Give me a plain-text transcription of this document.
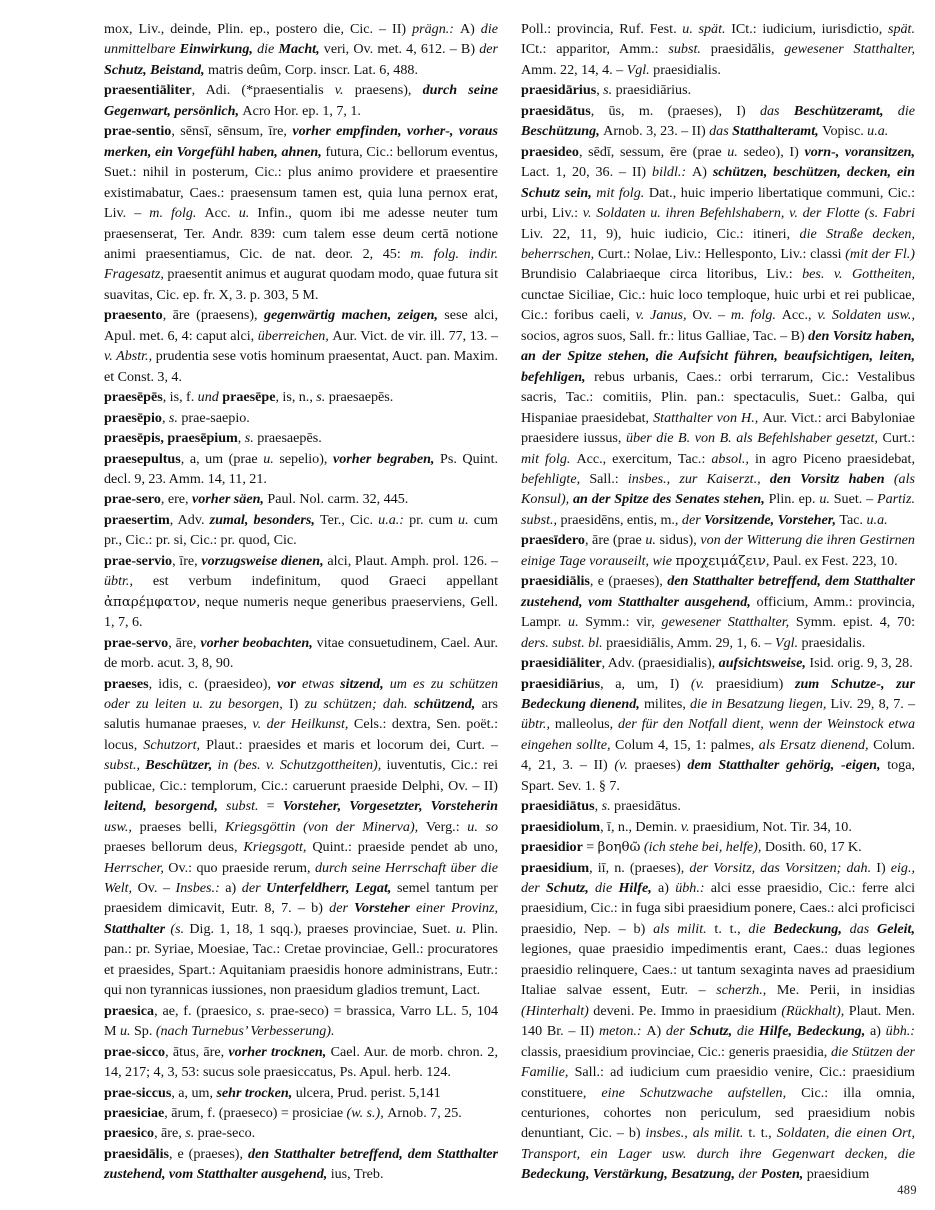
mox, Liv., deinde, Plin. ep., postero die, Cic. – II) prägn.: A) die unmittelbare Einwirkung, die Macht, veri, Ov. met. 4, 612. – B) der Schutz, Beistand, matris deûm, Corp. inscr. Lat. 6, 488.

praesentiāliter, Adi. (*praesentialis v. praesens), durch seine Gegenwart, persönlich, Acro Hor. ep. 1, 7, 1.

prae-sentio, sēnsī, sēnsum, īre, vorher empfinden, vorher-, voraus merken, ein Vorgefühl haben, ahnen, futura, Cic.: bellorum eventus, Suet.: nihil in posterum, Cic.: plus animo providere et praesentire existimabatur, Caes.: praesensum tamen est, quia luna pernox erat, Liv. – m. folg. Acc. u. Infin., quom ibi me adesse neuter tum praesenserat, Ter. Andr. 839: cum talem esse deum certā notione animi praesentiamus, Cic. de nat. deor. 2, 45: m. folg. indir. Fragesatz, praesentit animus et augurat quodam modo, quae futura sit suavitas, Cic. ep. fr. X, 3. p. 303, 5 M.

praesento, āre (praesens), gegenwärtig machen, zeigen, sese alci, Apul. met. 6, 4: caput alci, überreichen, Aur. Vict. de vir. ill. 77, 13. – v. Abstr., prudentia sese votis hominum praesentat, Auct. pan. Maxim. et Const. 3, 4.

praesēpēs, is, f. und praesēpe, is, n., s. praesaepēs.

praesēpio, s. prae-saepio.

praesēpis, praesēpium, s. praesaepēs.

praesepultus, a, um (prae u. sepelio), vorher begraben, Ps. Quint. decl. 9, 23. Amm. 14, 11, 21.

prae-sero, ere, vorher säen, Paul. Nol. carm. 32, 445.

praesertim, Adv. zumal, besonders, Ter., Cic. u.a.: pr. cum u. cum pr., Cic.: pr. si, Cic.: pr. quod, Cic.

prae-servio, īre, vorzugsweise dienen, alci, Plaut. Amph. prol. 126. – übtr., est verbum indefinitum, quod Graeci appellant ἀπαρέμφατον, neque numeris neque generibus praeserviens, Gell. 1, 7, 6.

prae-servo, āre, vorher beobachten, vitae consuetudinem, Cael. Aur. de morb. acut. 3, 8, 90.

praeses, idis, c. (praesideo), vor etwas sitzend, um es zu schützen oder zu leiten u. zu besorgen, I) zu schützen; dah. schützend, ars salutis humanae praeses, v. der Heilkunst, Cels.: dextra, Sen. poët.: locus, Schutzort, Plaut.: praesides et maris et locorum dei, Curt. – subst., Beschützer, in (bes. v. Schutzgottheiten), iuventutis, Cic.: rei publicae, Cic.: templorum, Cic.: caruerunt praeside Delphi, Ov. – II) leitend, besorgend, subst. = Vorsteher, Vorgesetzter, Vorsteherin usw., praeses belli, Kriegsgöttin (von der Minerva), Verg.: u. so praeses bellorum deus, Kriegsgott, Quint.: praeside pendet ab uno, Herrscher, Ov.: quo praeside rerum, durch seine Herrschaft über die Welt, Ov. – Insbes.: a) der Unterfeldherr, Legat, semel tantum per praesidem dimicavit, Eutr. 8, 7. – b) der Vorsteher einer Provinz, Statthalter (s. Dig. 1, 18, 1 sqq.), praeses provinciae, Suet. u. Plin. pan.: pr. Syriae, Moesiae, Tac.: Cretae provinciae, Gell.: procuratores et praesides, Spart.: Aquitaniam praesidis honore administrans, Eutr.: qui non tyrannicas iussiones, non praesidum gladios tremunt, Lact.

praesica, ae, f. (praesico, s. prae-seco) = brassica, Varro LL. 5, 104 M u. Sp. (nach Turnebus’ Verbesserung).

prae-sicco, ātus, āre, vorher trocknen, Cael. Aur. de morb. chron. 2, 14, 217; 4, 3, 53: sucus sole praesiccatus, Ps. Apul. herb. 124.

prae-siccus, a, um, sehr trocken, ulcera, Prud. perist. 5,141

praesiciae, ārum, f. (praeseco) = prosiciae (w. s.), Arnob. 7, 25.

praesico, āre, s. prae-seco.

praesidālis, e (praeses), den Statthalter betreffend, dem Statthalter zustehend, vom Statthalter ausgehend, ius, Treb.

Poll.: provincia, Ruf. Fest. u. spät. ICt.: iudicium, iurisdictio, spät. ICt.: apparitor, Amm.: subst. praesidālis, gewesener Statthalter, Amm. 22, 14, 4. – Vgl. praesidialis.

praesidārius, s. praesidiārius.

praesidātus, ūs, m. (praeses), I) das Beschützeramt, die Beschützung, Arnob. 3, 23. – II) das Statthalteramt, Vopisc. u.a.

praesideo, sēdī, sessum, ēre (prae u. sedeo), I) vorn-, voransitzen, Lact. 1, 20, 36. – II) bildl.: A) schützen, beschützen, decken, ein Schutz sein, mit folg. Dat., huic imperio libertatique communi, Cic.: urbi, Liv.: v. Soldaten u. ihren Befehlshabern, v. der Flotte (s. Fabri Liv. 22, 11, 9), huic iudicio, Cic.: itineri, die Straße decken, beherrschen, Curt.: Nolae, Liv.: Hellesponto, Liv.: classi (mit der Fl.) Brundisio Calabriaeque circa litoribus, Liv.: bes. v. Gottheiten, cunctae Siciliae, Cic.: huic loco temploque, huic urbi et rei publicae, Cic.: foribus caeli, v. Janus, Ov. – m. folg. Acc., v. Soldaten usw., socios, agros suos, Sall. fr.: litus Galliae, Tac. – B) den Vorsitz haben, an der Spitze stehen, die Aufsicht führen, beaufsichtigen, leiten, befehligen, rebus urbanis, Caes.: orbi terrarum, Cic.: Vestalibus sacris, Tac.: comitiis, Plin. pan.: spectaculis, Suet.: Galba, qui Hispaniae praesidebat, Statthalter von H., Aur. Vict.: arci Babyloniae praesidere iussus, über die B. von B. als Befehlshaber gesetzt, Curt.: mit folg. Acc., exercitum, Tac.: absol., in agro Piceno praesidebat, befehligte, Sall.: insbes., zur Kaiserzt., den Vorsitz haben (als Konsul), an der Spitze des Senates stehen, Plin. ep. u. Suet. – Partiz. subst., praesidēns, entis, m., der Vorsitzende, Vorsteher, Tac. u.a.

praesīdero, āre (prae u. sidus), von der Witterung die ihren Gestirnen einige Tage vorauseilt, wie προχειμάζειν, Paul. ex Fest. 223, 10.

praesidiālis, e (praeses), den Statthalter betreffend, dem Statthalter zustehend, vom Statthalter ausgehend, officium, Amm.: provincia, Lampr. u. Symm.: vir, gewesener Statthalter, Symm. epist. 4, 70: ders. subst. bl. praesidiālis, Amm. 29, 1, 6. – Vgl. praesidalis.

praesidiāliter, Adv. (praesidialis), aufsichtsweise, Isid. orig. 9, 3, 28.

praesidiārius, a, um, I) (v. praesidium) zum Schutze-, zur Bedeckung dienend, milites, die in Besatzung liegen, Liv. 29, 8, 7. – übtr., malleolus, der für den Notfall dient, wenn der Weinstock etwa eingehen sollte, Colum 4, 15, 1: palmes, als Ersatz dienend, Colum. 4, 21, 3. – II) (v. praeses) dem Statthalter gehörig, -eigen, toga, Spart. Sev. 1. § 7.

praesidiātus, s. praesidātus.

praesidiolum, ī, n., Demin. v. praesidium, Not. Tir. 34, 10.

praesidior = βοηθῶ (ich stehe bei, helfe), Dosith. 60, 17 K.

praesidium, iī, n. (praeses), der Vorsitz, das Vorsitzen; dah. I) eig., der Schutz, die Hilfe, a) übh.: alci esse praesidio, Cic.: ferre alci praesidium, Cic.: in fuga sibi praesidium ponere, Caes.: alci proficisci praesidio, Nep. – b) als milit. t. t., die Bedeckung, das Geleit, legiones, quae praesidio impedimentis erant, Caes.: duas legiones praesidio relinquere, Caes.: ut tantum sexaginta naves ad praesidium Italiae salvae essent, Eutr. – scherzh., Me. Perii, in insidias (Hinterhalt) deveni. Pe. Immo in praesidium (Rückhalt), Plaut. Men. 140 Br. – II) meton.: A) der Schutz, die Hilfe, Bedeckung, a) übh.: classis, praesidium provinciae, Cic.: generis praesidia, die Stützen der Familie, Sall.: ad iudicium cum praesidio venire, Cic.: praesidium constituere, eine Schutzwache aufstellen, Cic.: illa omnia, centuriones, cohortes non periculum, sed praesidium nobis denuntiant, Cic. – b) insbes., als milit. t. t., Soldaten, die einen Ort, Transport, ein Lager usw. durch ihre Gegenwart decken, die Bedeckung, Verstärkung, Besatzung, der Posten, praesidium

489
